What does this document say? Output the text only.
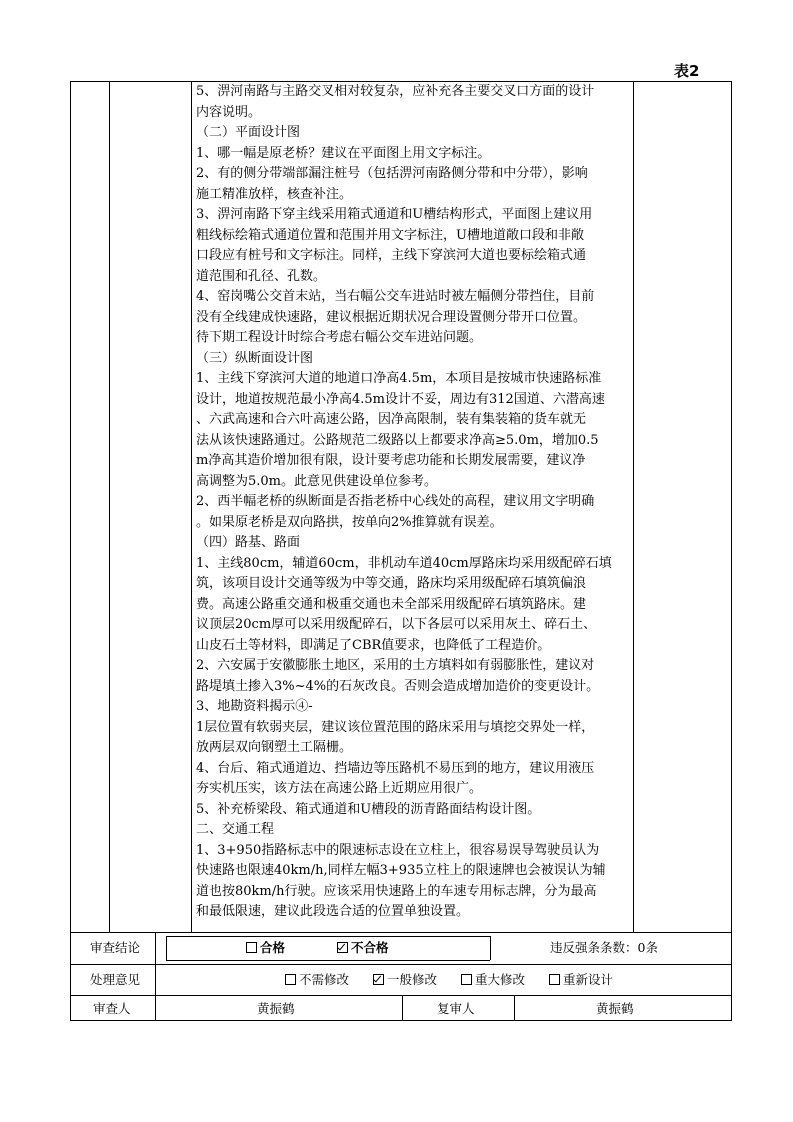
表2
5、淠河南路与主路交叉相对较复杂，应补充各主要交叉口方面的设计
内容说明。
（二）平面设计图
1、哪一幅是原老桥？建议在平面图上用文字标注。
2、有的侧分带端部漏注桩号（包括淠河南路侧分带和中分带），影响
施工精准放样，核查补注。
3、淠河南路下穿主线采用箱式通道和U槽结构形式，平面图上建议用
粗线标绘箱式通道位置和范围并用文字标注，U槽地道敞口段和非敞
口段应有桩号和文字标注。同样，主线下穿滨河大道也要标绘箱式通
道范围和孔径、孔数。
4、窑岗嘴公交首末站，当右幅公交车进站时被左幅侧分带挡住，目前
没有全线建成快速路，建议根据近期状况合理设置侧分带开口位置。
待下期工程设计时综合考虑右幅公交车进站问题。
（三）纵断面设计图
1、主线下穿滨河大道的地道口净高4.5m，本项目是按城市快速路标准
设计，地道按规范最小净高4.5m设计不妥，周边有312国道、六潜高速
、六武高速和合六叶高速公路，因净高限制，装有集装箱的货车就无
法从该快速路通过。公路规范二级路以上都要求净高≥5.0m，增加0.5
m净高其造价增加很有限，设计要考虑功能和长期发展需要，建议净
高调整为5.0m。此意见供建设单位参考。
2、西半幅老桥的纵断面是否指老桥中心线处的高程，建议用文字明确
。如果原老桥是双向路拱，按单向2%推算就有误差。
（四）路基、路面
1、主线80cm，辅道60cm，非机动车道40cm厚路床均采用级配碎石填
筑，该项目设计交通等级为中等交通，路床均采用级配碎石填筑偏浪
费。高速公路重交通和极重交通也未全部采用级配碎石填筑路床。建
议顶层20cm厚可以采用级配碎石，以下各层可以采用灰土、碎石土、
山皮石土等材料，即满足了CBR值要求，也降低了工程造价。
2、六安属于安徽膨胀土地区，采用的土方填料如有弱膨胀性，建议对
路堤填土掺入3%~4%的石灰改良。否则会造成增加造价的变更设计。
3、地勘资料揭示④-
1层位置有软弱夹层，建议该位置范围的路床采用与填挖交界处一样，
放两层双向钢塑土工隔栅。
4、台后、箱式通道边、挡墙边等压路机不易压到的地方，建议用液压
夯实机压实，该方法在高速公路上近期应用很广。
5、补充桥梁段、箱式通道和U槽段的沥青路面结构设计图。
二、交通工程
1、3+950指路标志中的限速标志设在立柱上，很容易误导驾驶员认为
快速路也限速40km/h,同样左幅3+935立柱上的限速牌也会被误认为辅
道也按80km/h行驶。应该采用快速路上的车速专用标志牌，分为最高
和最低限速，建议此段选合适的位置单独设置。
审查结论	合格	不合格	违反强条条数：0条
处理意见	不需修改	一般修改	重大修改	重新设计
审查人	黄振鹤	复审人	黄振鹤
